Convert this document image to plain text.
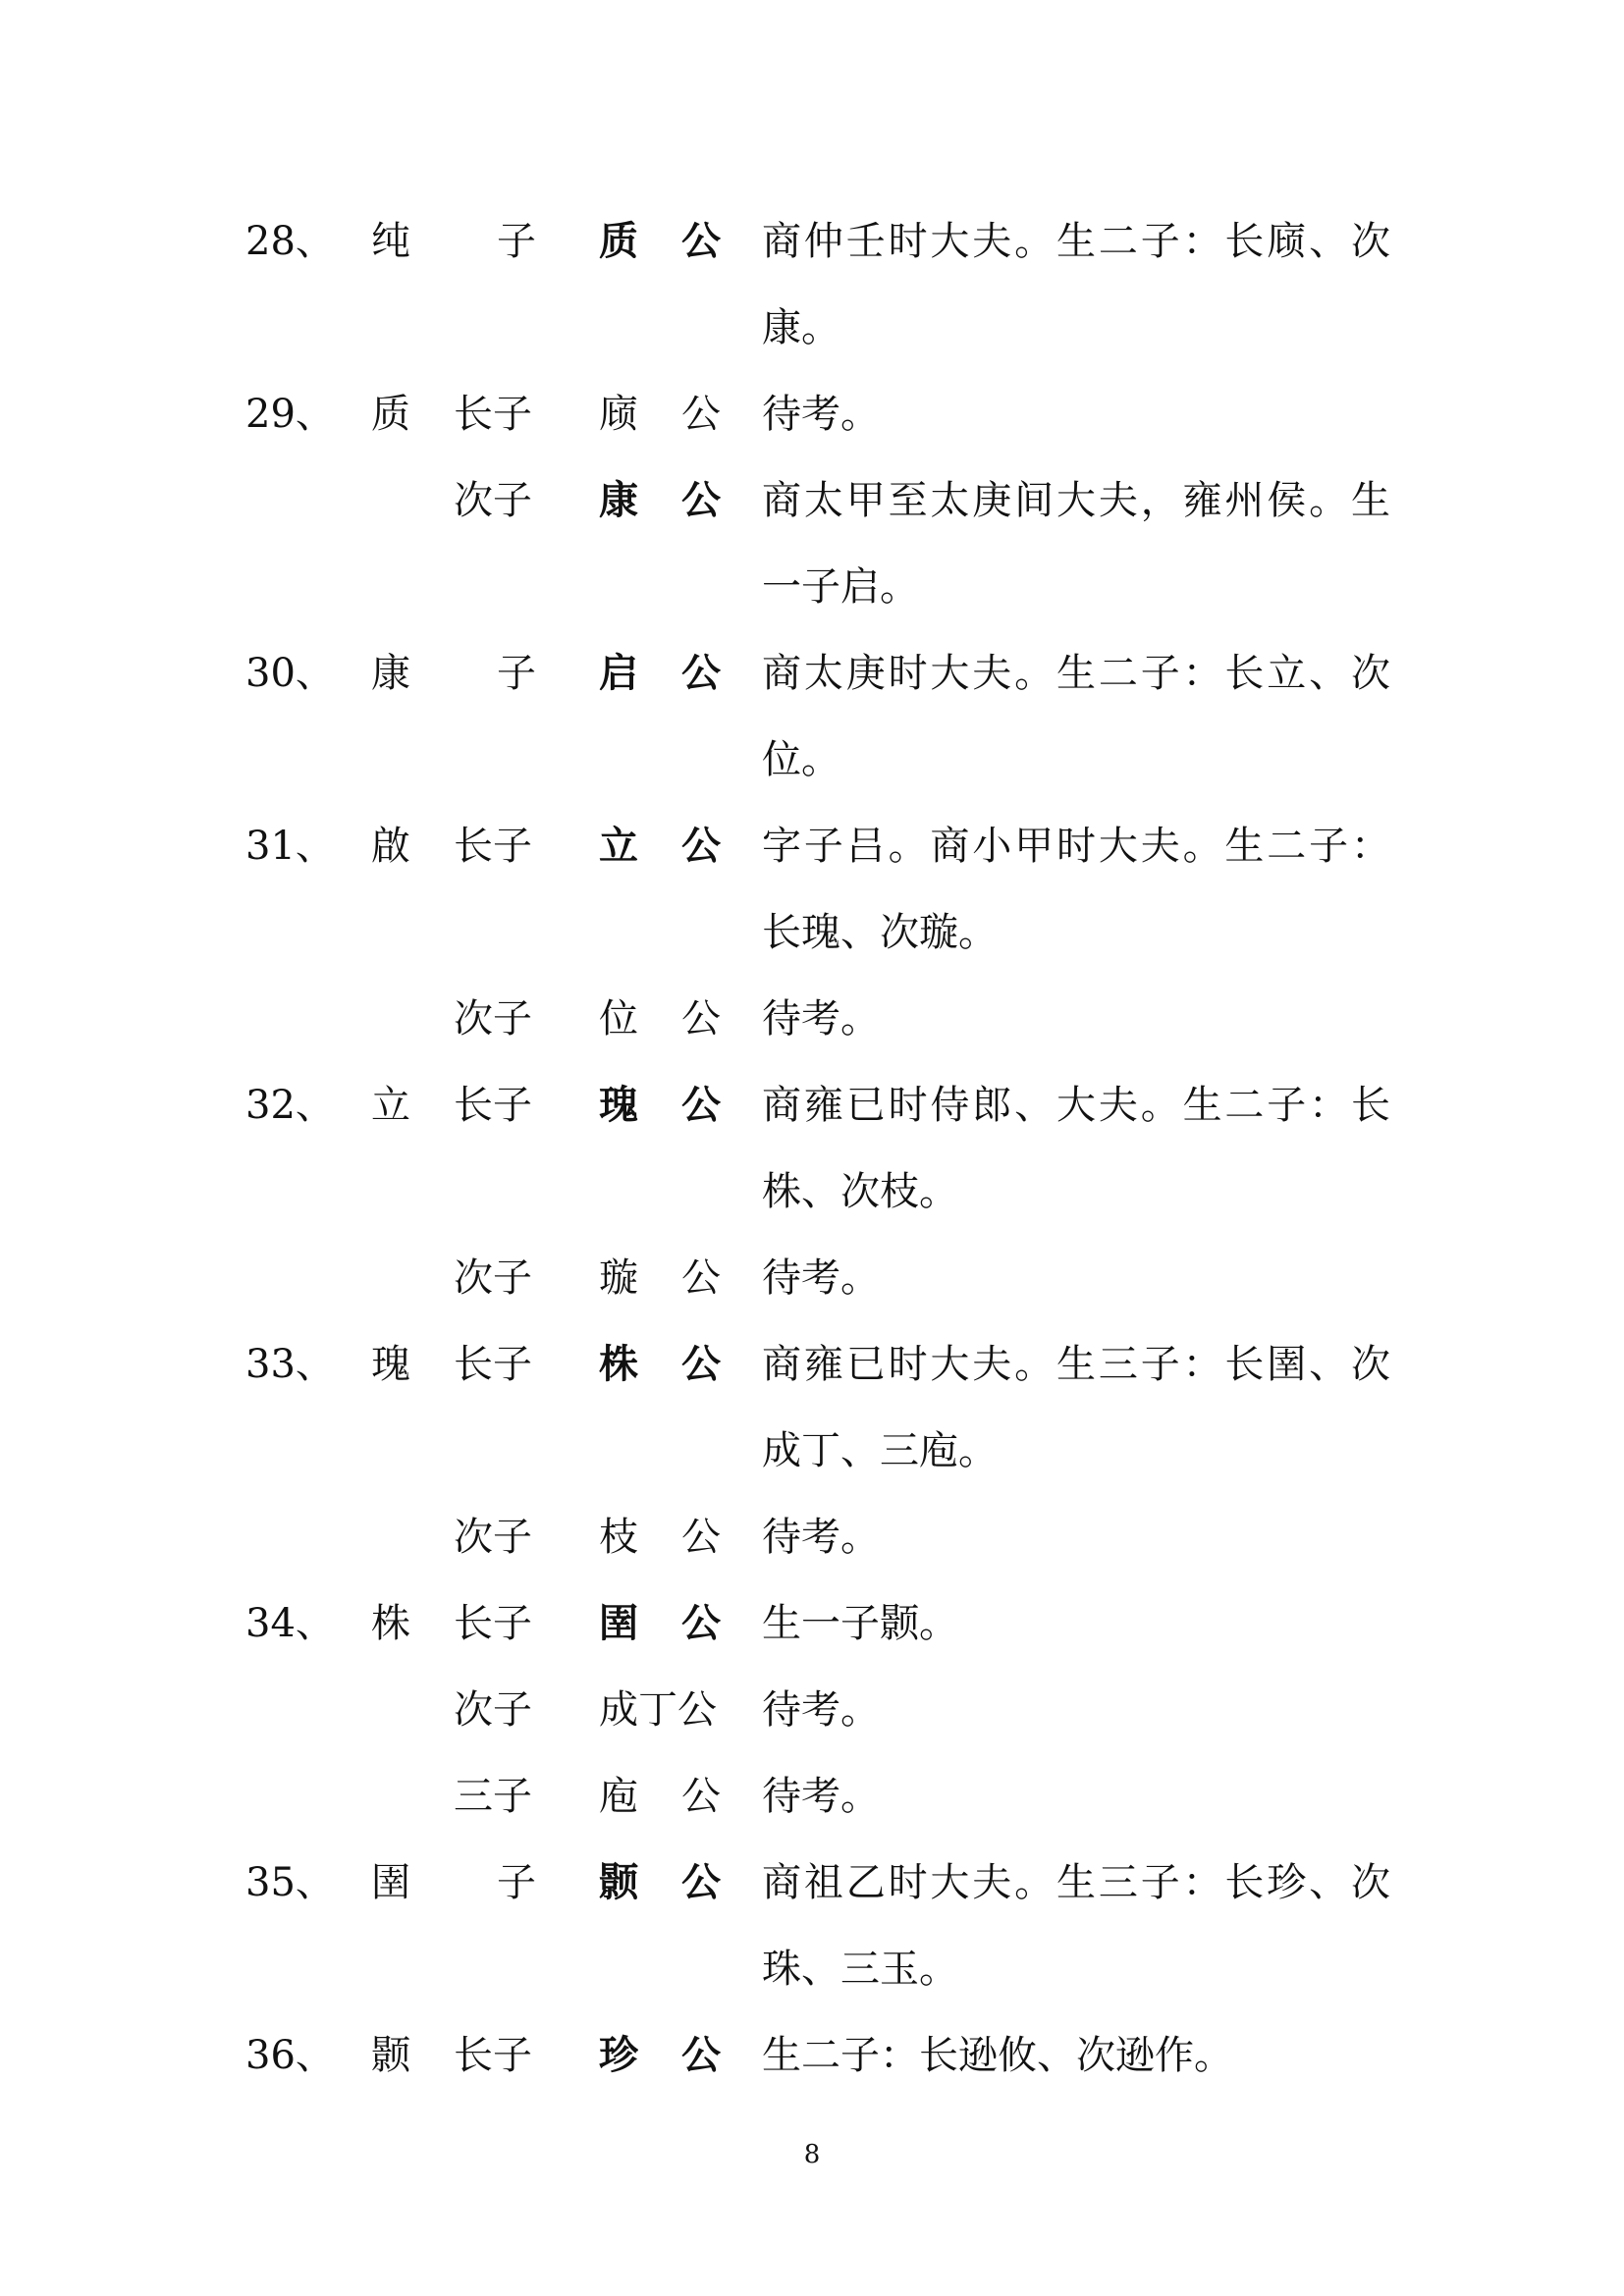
28、 纯 子 质 公 商仲壬时大夫。生二子：长庼、次
康。
29、 质 长子 庼 公 待考。
次子 康 公 商太甲至太庚间大夫，雍州侯。生
一子启。
30、 康 子 启 公 商太庚时大夫。生二子：长立、次
位。
31、 啟 长子 立 公 字子吕。商小甲时大夫。生二子：
长瑰、次璇。
次子 位 公 待考。
32、 立 长子 瑰 公 商雍已时侍郎、大夫。生二子：长
株、次枝。
次子 璇 公 待考。
33、 瑰 长子 株 公 商雍已时大夫。生三子：长圉、次
成丁、三庖。
次子 枝 公 待考。
34、 株 长子 圉 公 生一子颢。
次子 成丁 公 待考。
三子 庖 公 待考。
35、 圉 子 颢 公 商祖乙时大夫。生三子：长珍、次
珠、三玉。
36、 颢 长子 珍 公 生二子：长逊攸、次逊作。
8
